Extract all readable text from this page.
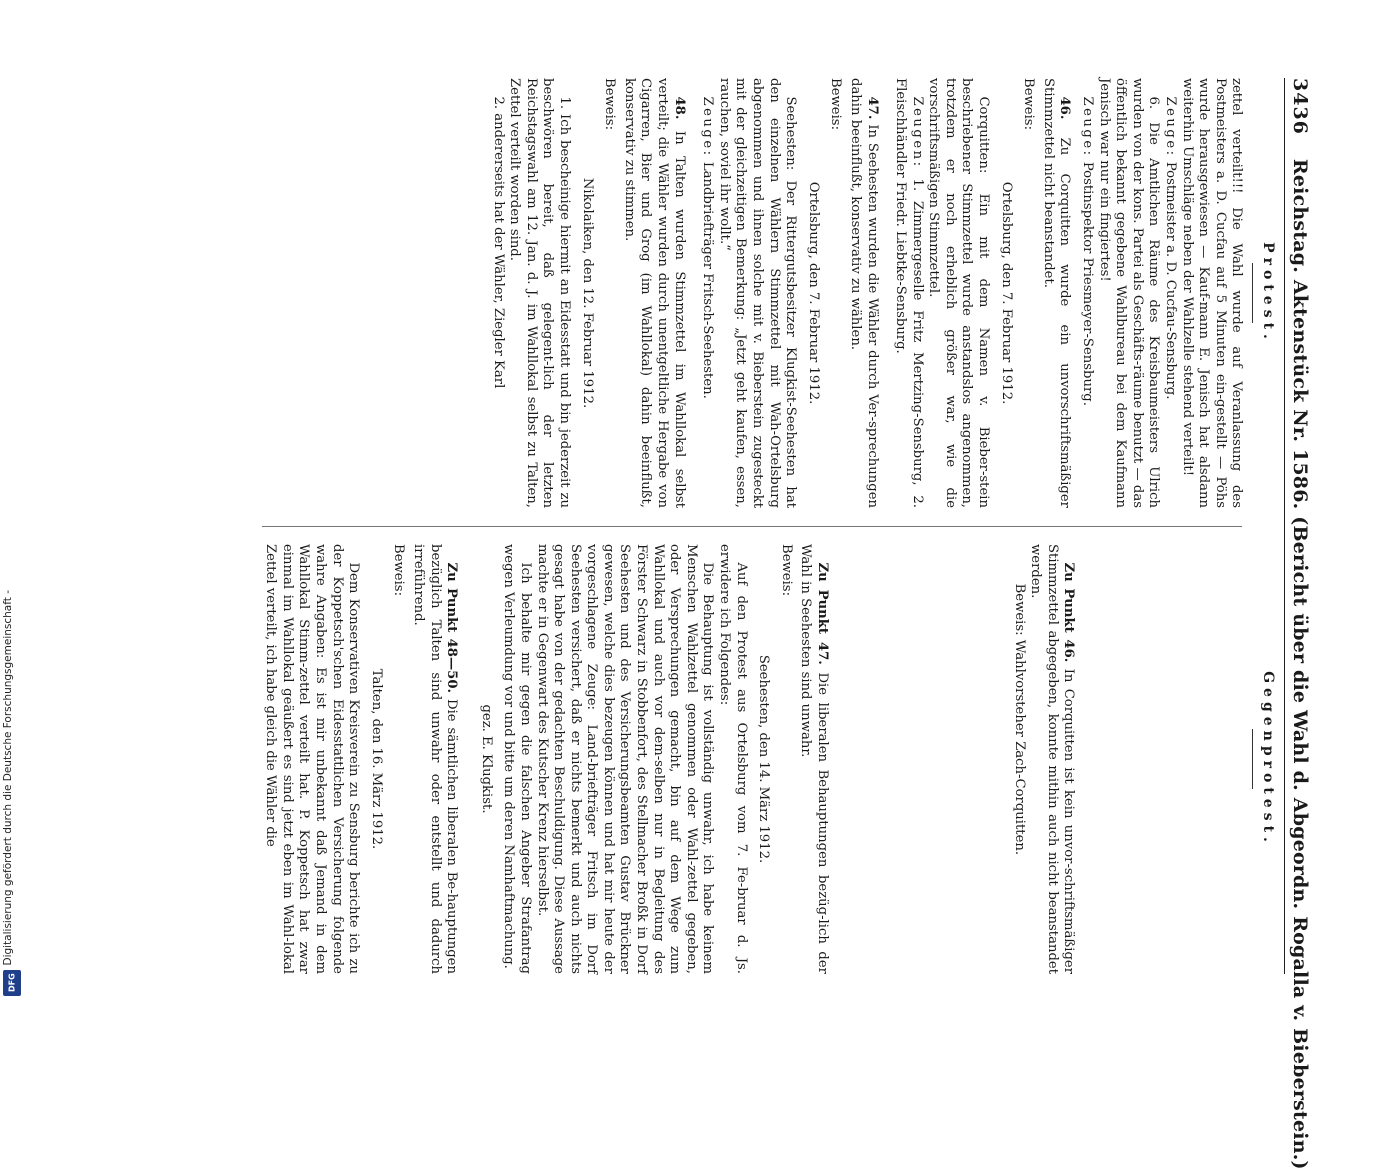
3436
Reichstag. Aktenstück Nr. 1586. (Bericht über die Wahl d. Abgeordn. Rogalla v. Bieberstein.)
Protest.

zettel verteilt!!! Die Wahl wurde auf Veranlassung des Postmeisters a. D. Cucfau auf 5 Minuten ein-gestellt — Pöhs wurde herausgewiesen — Kauf-mann E. Jenisch hat alsdann weiterhin Umschläge neben der Wahlzelle stehend verteilt!

Zeuge: Postmeister a. D. Cucfau-Sensburg.

6. Die Amtlichen Räume des Kreisbaumeisters Ulrich wurden von der kons. Partei als Geschäfts-räume benutzt — das öffentlich bekannt gegebene Wahlbureau bei dem Kaufmann Jenisch war nur ein fingiertes!

Zeuge: Postinspektor Priesmeyer-Sensburg.

46. Zu Corquitten wurde ein unvorschriftsmäßiger Stimmzettel nicht beanstandet.

Beweis:

Ortelsburg, den 7. Februar 1912.

Corquitten: Ein mit dem Namen v. Bieber-stein beschriebener Stimmzettel wurde anstandslos angenommen, trotzdem er noch erheblich größer war, wie die vorschriftsmäßigen Stimmzettel.

Zeugen: 1. Zimmergeselle Fritz Mertzing-Sensburg, 2. Fleischhändler Friedr. Liebtke-Sensburg.

47. In Seehesten wurden die Wähler durch Ver-sprechungen dahin beeinflußt, konservativ zu wählen.

Beweis:

Ortelsburg, den 7. Februar 1912.

Seehesten: Der Rittergutsbesitzer Klugkist-Seehesten hat den einzelnen Wählern Stimmzettel mit Wah-Ortelsburg abgenommen und ihnen solche mit v. Bieberstein zugesteckt mit der gleichzeitigen Bemerkung: „Jetzt geht kaufen, essen, rauchen, soviel ihr wollt.“

Zeuge: Landbriefträger Fritsch-Seehesten.

48. In Talten wurden Stimmzettel im Wahllokal selbst verteilt; die Wähler wurden durch unentgeltliche Hergabe von Cigarren, Bier und Grog (im Wahllokal) dahin beeinflußt, konservativ zu stimmen.

Beweis:

Nikolaiken, den 12. Februar 1912.

1. Ich bescheinige hiermit an Eidesstatt und bin jederzeit zu beschwören bereit, daß gelegent-lich der letzten Reichstagswahl am 12. Jan. d. J. im Wahllokal selbst zu Talten, Zettel verteilt worden sind.

2. andererseits hat der Wähler, Ziegler Karl

Gegenprotest.

Zu Punkt 46. In Corquitten ist kein unvor-schriftsmäßiger Stimmzettel abgegeben, konnte mithin auch nicht beanstandet werden.

Beweis: Wahlvorsteher Zach-Corquitten.

Zu Punkt 47. Die liberalen Behauptungen bezüg-lich der Wahl in Seehesten sind unwahr.

Beweis:

Seehesten, den 14. März 1912.

Auf den Protest aus Ortelsburg vom 7. Fe-bruar d. Js. erwidere ich Folgendes:

Die Behauptung ist vollständig unwahr, ich habe keinem Menschen Wahlzettel genommen oder Wahl-zettel gegeben, oder Versprechungen gemacht, bin auf dem Wege zum Wahllokal und auch vor dem-selben nur in Begleitung des Förster Schwarz in Stobbenfort, des Stellmacher Broßk in Dorf Seehesten und des Versicherungsbeamten Gustav Brückner gewesen, welche dies bezeugen können und hat mir heute der vorgeschlagene Zeuge: Land-briefträger Fritsch im Dorf Seehesten versichert, daß er nichts bemerkt und auch nichts gesagt habe von der gedachten Beschuldigung. Diese Aussage machte er in Gegenwart des Kutscher Krenz hierselbst.

Ich behalte mir gegen die falschen Angeber Strafantrag wegen Verleumdung vor und bitte um deren Namhaftmachung.

gez. E. Klugkist.

Zu Punkt 48—50. Die sämtlichen liberalen Be-hauptungen bezüglich Talten sind unwahr oder entstellt und dadurch irreführend.

Beweis:

Talten, den 16. März 1912.

Dem Konservativen Kreisverein zu Sensburg berichte ich zu der Koppetsch'schen Eidesstattlichen Versicherung folgende wahre Angaben: Es ist mir unbekannt daß Jemand in dem Wahllokal Stimm-zettel verteilt hat. P. Koppetsch hat zwar einmal im Wahllokal geäußert es sind jetzt eben im Wahl-lokal Zettel verteilt, ich habe gleich die Wähler die

Digitalisierung gefördert durch die Deutsche Forschungsgemeinschaft -
DFG
